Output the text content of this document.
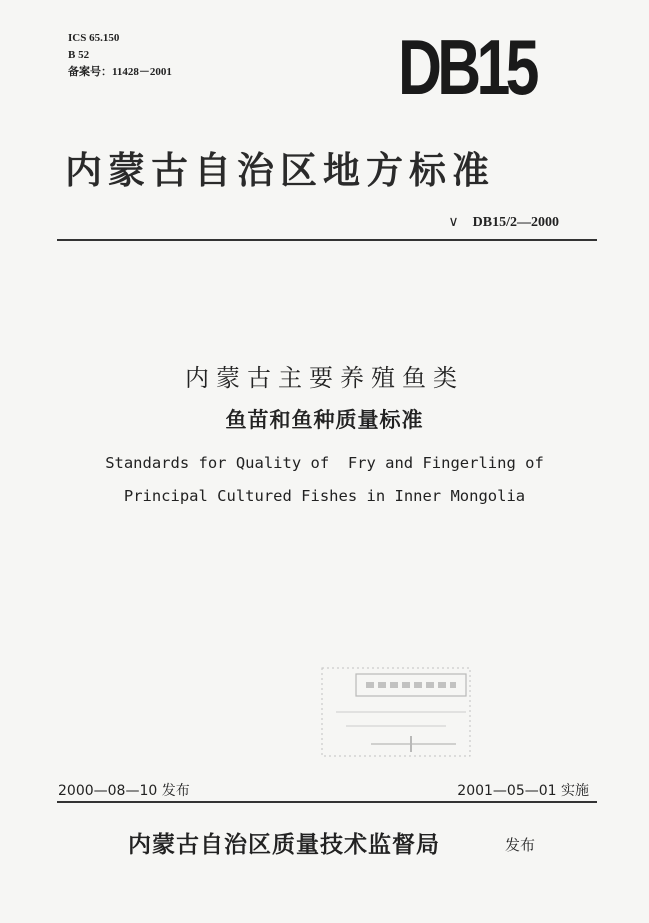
ICS 65.150
B 52
备案号：11428－2001	DB15
内蒙古自治区地方标准
∨ DB15/2—2000
内蒙古主要养殖鱼类
鱼苗和鱼种质量标准
Standards for Quality of  Fry and Fingerling of
Principal Cultured Fishes in Inner Mongolia
2000—08—10 发布	2001—05—01 实施
内蒙古自治区质量技术监督局	发布
